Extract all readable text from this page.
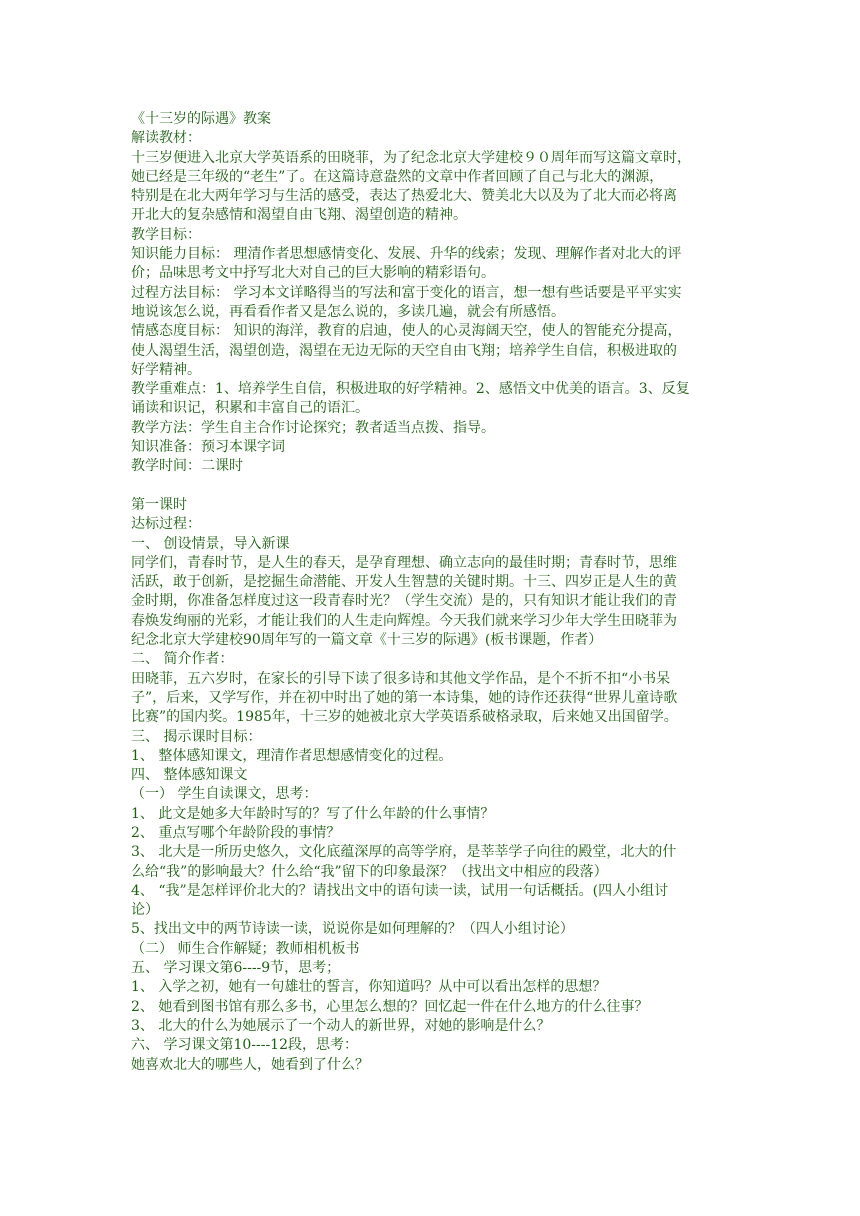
《十三岁的际遇》教案
解读教材：
十三岁便进入北京大学英语系的田晓菲，为了纪念北京大学建校９０周年而写这篇文章时，
她已经是三年级的“老生”了。在这篇诗意盎然的文章中作者回顾了自己与北大的渊源，
特别是在北大两年学习与生活的感受，表达了热爱北大、赞美北大以及为了北大而必将离
开北大的复杂感情和渴望自由飞翔、渴望创造的精神。
教学目标：
知识能力目标： 理清作者思想感情变化、发展、升华的线索；发现、理解作者对北大的评
价；品味思考文中抒写北大对自己的巨大影响的精彩语句。
过程方法目标： 学习本文详略得当的写法和富于变化的语言，想一想有些话要是平平实实
地说该怎么说，再看看作者又是怎么说的，多读几遍，就会有所感悟。
情感态度目标： 知识的海洋，教育的启迪，使人的心灵海阔天空，使人的智能充分提高，
使人渴望生活，渴望创造，渴望在无边无际的天空自由飞翔；培养学生自信，积极进取的
好学精神。
教学重难点：1、培养学生自信，积极进取的好学精神。2、感悟文中优美的语言。3、反复
诵读和识记，积累和丰富自己的语汇。
教学方法：学生自主合作讨论探究；教者适当点拨、指导。
知识准备：预习本课字词
教学时间：二课时
第一课时
达标过程：
一、 创设情景，导入新课
同学们，青春时节，是人生的春天，是孕育理想、确立志向的最佳时期；青春时节，思维
活跃，敢于创新，是挖掘生命潜能、开发人生智慧的关键时期。十三、四岁正是人生的黄
金时期，你准备怎样度过这一段青春时光？（学生交流）是的，只有知识才能让我们的青
春焕发绚丽的光彩，才能让我们的人生走向辉煌。今天我们就来学习少年大学生田晓菲为
纪念北京大学建校90周年写的一篇文章《十三岁的际遇》(板书课题，作者）
二、 简介作者：
田晓菲，五六岁时，在家长的引导下读了很多诗和其他文学作品，是个不折不扣“小书呆
子”，后来，又学写作，并在初中时出了她的第一本诗集，她的诗作还获得“世界儿童诗歌
比赛”的国内奖。1985年，十三岁的她被北京大学英语系破格录取，后来她又出国留学。
三、 揭示课时目标：
1、 整体感知课文，理清作者思想感情变化的过程。
四、 整体感知课文
（一） 学生自读课文，思考：
1、 此文是她多大年龄时写的？写了什么年龄的什么事情？
2、 重点写哪个年龄阶段的事情？
3、 北大是一所历史悠久，文化底蕴深厚的高等学府，是莘莘学子向往的殿堂，北大的什
么给“我”的影响最大？什么给“我”留下的印象最深？（找出文中相应的段落）
4、 “我”是怎样评价北大的？请找出文中的语句读一读，试用一句话概括。(四人小组讨
论）
5、找出文中的两节诗读一读，说说你是如何理解的？（四人小组讨论）
（二） 师生合作解疑；教师相机板书
五、 学习课文第6----9节，思考；
1、 入学之初，她有一句雄壮的誓言，你知道吗？从中可以看出怎样的思想？
2、 她看到图书馆有那么多书，心里怎么想的？回忆起一件在什么地方的什么往事？
3、 北大的什么为她展示了一个动人的新世界，对她的影响是什么？
六、 学习课文第10----12段，思考：
她喜欢北大的哪些人，她看到了什么？
